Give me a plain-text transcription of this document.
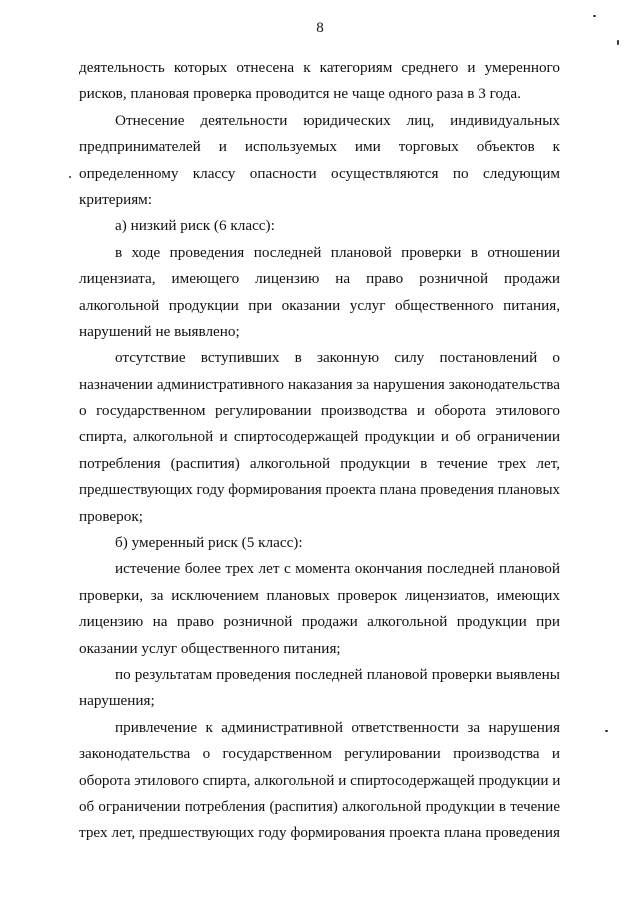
8
деятельность которых отнесена к категориям среднего и умеренного
рисков, плановая проверка проводится не чаще одного раза в 3 года.
Отнесение деятельности юридических лиц, индивидуальных
предпринимателей и используемых ими торговых объектов к
определенному классу опасности осуществляются по следующим
критериям:
а) низкий риск (6 класс):
в ходе проведения последней плановой проверки в отношении
лицензиата, имеющего лицензию на право розничной продажи
алкогольной продукции при оказании услуг общественного питания,
нарушений не выявлено;
отсутствие вступивших в законную силу постановлений о
назначении административного наказания за нарушения законодательства
о государственном регулировании производства и оборота этилового
спирта, алкогольной и спиртосодержащей продукции и об ограничении
потребления (распития) алкогольной продукции в течение трех лет,
предшествующих году формирования проекта плана проведения плановых
проверок;
б) умеренный риск (5 класс):
истечение более трех лет с момента окончания последней плановой
проверки, за исключением плановых проверок лицензиатов, имеющих
лицензию на право розничной продажи алкогольной продукции при
оказании услуг общественного питания;
по результатам проведения последней плановой проверки выявлены
нарушения;
привлечение к административной ответственности за нарушения
законодательства о государственном регулировании производства и
оборота этилового спирта, алкогольной и спиртосодержащей продукции и
об ограничении потребления (распития) алкогольной продукции в течение
трех лет, предшествующих году формирования проекта плана проведения
